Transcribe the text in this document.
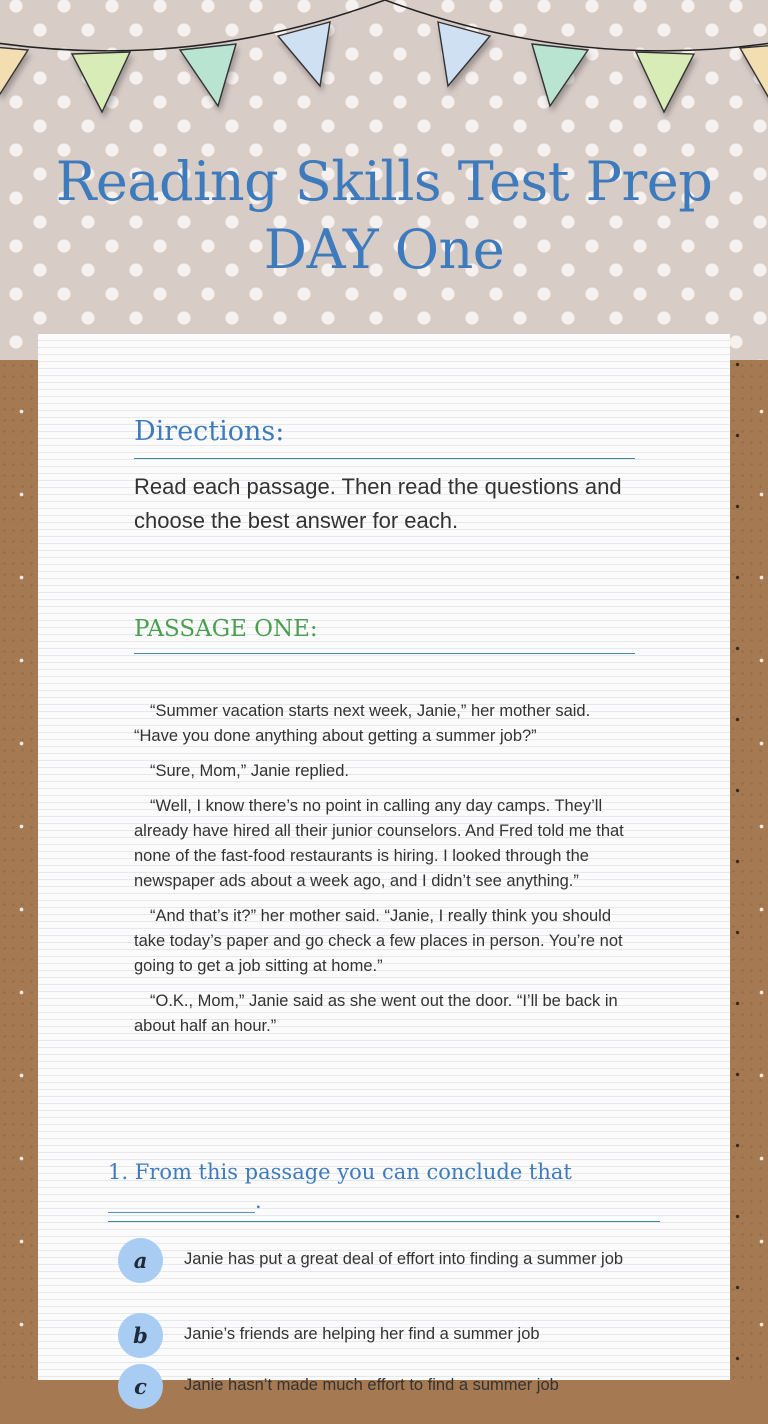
Reading Skills Test Prep DAY One
Directions:

Read each passage. Then read the questions and choose the best answer for each.

PASSAGE ONE:

“Summer vacation starts next week, Janie,” her mother said. “Have you done anything about getting a summer job?”

“Sure, Mom,” Janie replied.

“Well, I know there’s no point in calling any day camps. They’ll already have hired all their junior counselors. And Fred told me that none of the fast-food restaurants is hiring. I looked through the newspaper ads about a week ago, and I didn’t see anything.”

“And that’s it?” her mother said. “Janie, I really think you should take today’s paper and go check a few places in person. You’re not going to get a job sitting at home.”

“O.K., Mom,” Janie said as she went out the door. “I’ll be back in about half an hour.”

1. From this passage you can conclude that ______________.
a	Janie has put a great deal of effort into finding a summer job
b	Janie’s friends are helping her find a summer job
c	Janie hasn’t made much effort to find a summer job
